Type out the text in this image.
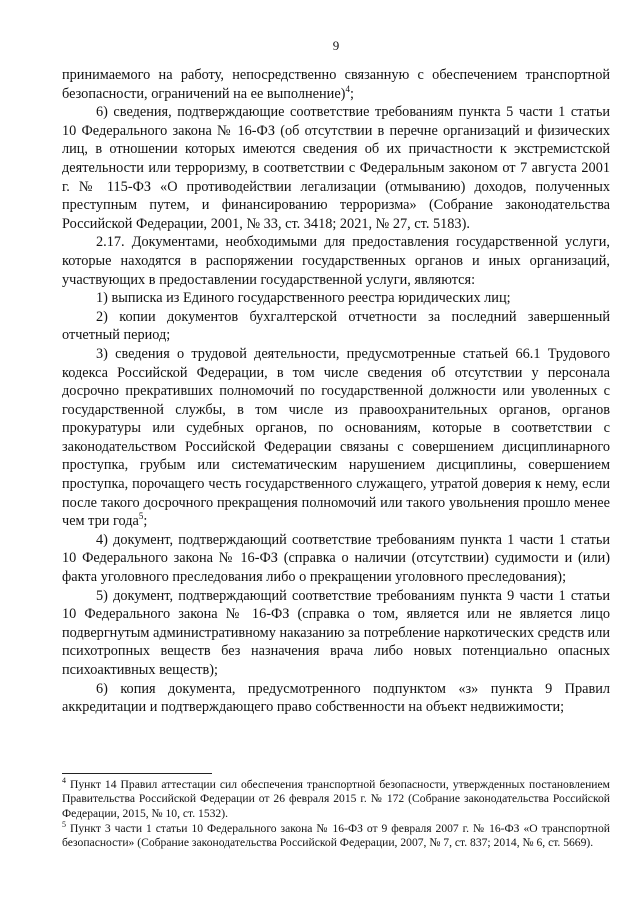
9

принимаемого на работу, непосредственно связанную с обеспечением транспортной безопасности, ограничений на ее выполнение)$^4$;

6) сведения, подтверждающие соответствие требованиям пункта 5 части 1 статьи 10 Федерального закона № 16-ФЗ (об отсутствии в перечне организаций и физических лиц, в отношении которых имеются сведения об их причастности к экстремистской деятельности или терроризму, в соответствии с Федеральным законом от 7 августа 2001 г. № 115-ФЗ «О противодействии легализации (отмыванию) доходов, полученных преступным путем, и финансированию терроризма» (Собрание законодательства Российской Федерации, 2001, № 33, ст. 3418; 2021, № 27, ст. 5183).

2.17. Документами, необходимыми для предоставления государственной услуги, которые находятся в распоряжении государственных органов и иных организаций, участвующих в предоставлении государственной услуги, являются:

1) выписка из Единого государственного реестра юридических лиц;

2) копии документов бухгалтерской отчетности за последний завершенный отчетный период;

3) сведения о трудовой деятельности, предусмотренные статьей 66.1 Трудового кодекса Российской Федерации, в том числе сведения об отсутствии у персонала досрочно прекративших полномочий по государственной должности или уволенных с государственной службы, в том числе из правоохранительных органов, органов прокуратуры или судебных органов, по основаниям, которые в соответствии с законодательством Российской Федерации связаны с совершением дисциплинарного проступка, грубым или систематическим нарушением дисциплины, совершением проступка, порочащего честь государственного служащего, утратой доверия к нему, если после такого досрочного прекращения полномочий или такого увольнения прошло менее чем три года$^5$;

4) документ, подтверждающий соответствие требованиям пункта 1 части 1 статьи 10 Федерального закона № 16-ФЗ (справка о наличии (отсутствии) судимости и (или) факта уголовного преследования либо о прекращении уголовного преследования);

5) документ, подтверждающий соответствие требованиям пункта 9 части 1 статьи 10 Федерального закона № 16-ФЗ (справка о том, является или не является лицо подвергнутым административному наказанию за потребление наркотических средств или психотропных веществ без назначения врача либо новых потенциально опасных психоактивных веществ);

6) копия документа, предусмотренного подпунктом «з» пункта 9 Правил аккредитации и подтверждающего право собственности на объект недвижимости;

$^4$ Пункт 14 Правил аттестации сил обеспечения транспортной безопасности, утвержденных постановлением Правительства Российской Федерации от 26 февраля 2015 г. № 172 (Собрание законодательства Российской Федерации, 2015, № 10, ст. 1532).

$^5$ Пункт 3 части 1 статьи 10 Федерального закона № 16-ФЗ от 9 февраля 2007 г. № 16-ФЗ «О транспортной безопасности» (Собрание законодательства Российской Федерации, 2007, № 7, ст. 837; 2014, № 6, ст. 5669).
